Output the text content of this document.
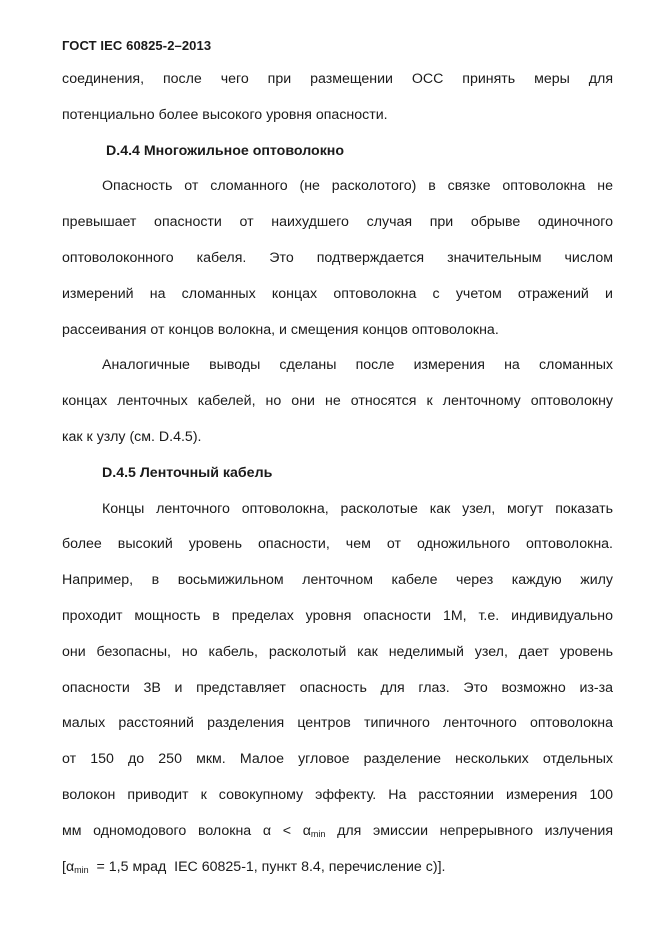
ГОСТ IEC 60825-2–2013

соединения, после чего при размещении ОСС принять меры для

потенциально более высокого уровня опасности.

D.4.4 Многожильное оптоволокно

Опасность от сломанного (не расколотого) в связке оптоволокна не

превышает опасности от наихудшего случая при обрыве одиночного

оптоволоконного кабеля. Это подтверждается значительным числом

измерений на сломанных концах оптоволокна с учетом отражений и

рассеивания от концов волокна, и смещения концов оптоволокна.

Аналогичные выводы сделаны после измерения на сломанных

концах ленточных кабелей, но они не относятся к ленточному оптоволокну

как к узлу (см. D.4.5).

D.4.5 Ленточный кабель

Концы ленточного оптоволокна, расколотые как узел, могут показать

более высокий уровень опасности, чем от одножильного оптоволокна.

Например, в восьмижильном ленточном кабеле через каждую жилу

проходит мощность в пределах уровня опасности 1М, т.е. индивидуально

они безопасны, но кабель, расколотый как неделимый узел, дает уровень

опасности 3В и представляет опасность для глаз. Это возможно из-за

малых расстояний разделения центров типичного ленточного оптоволокна

от 150 до 250 мкм. Малое угловое разделение нескольких отдельных

волокон приводит к совокупному эффекту. На расстоянии измерения 100

мм одномодового волокна $\alpha < \alpha_{min}$ для эмиссии непрерывного излучения

[$\alpha_{min} = 1,5$ мрад  IEC 60825-1, пункт 8.4, перечисление с)].
